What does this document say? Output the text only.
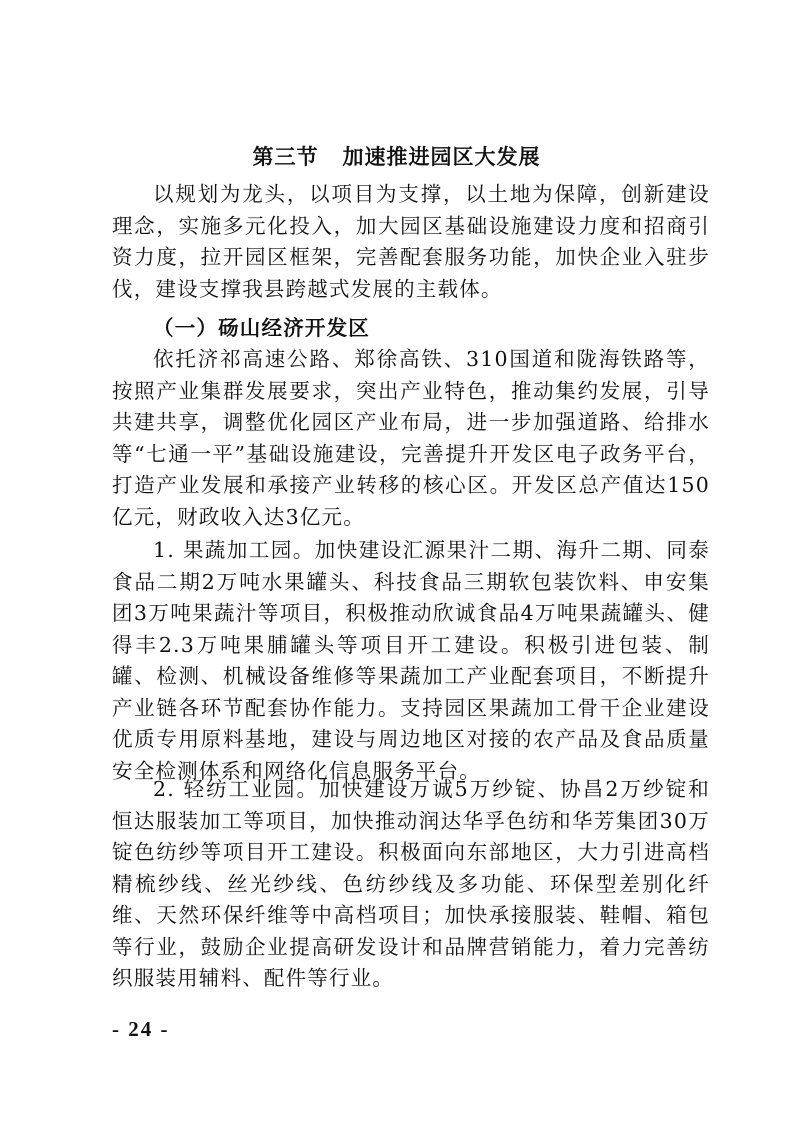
第三节 加速推进园区大发展

以规划为龙头，以项目为支撑，以土地为保障，创新建设理念，实施多元化投入，加大园区基础设施建设力度和招商引资力度，拉开园区框架，完善配套服务功能，加快企业入驻步伐，建设支撑我县跨越式发展的主载体。

（一）砀山经济开发区

依托济祁高速公路、郑徐高铁、310国道和陇海铁路等，按照产业集群发展要求，突出产业特色，推动集约发展，引导共建共享，调整优化园区产业布局，进一步加强道路、给排水等“七通一平”基础设施建设，完善提升开发区电子政务平台，打造产业发展和承接产业转移的核心区。开发区总产值达150亿元，财政收入达3亿元。

1. 果蔬加工园。加快建设汇源果汁二期、海升二期、同泰食品二期2万吨水果罐头、科技食品三期软包装饮料、申安集团3万吨果蔬汁等项目，积极推动欣诚食品4万吨果蔬罐头、健得丰2.3万吨果脯罐头等项目开工建设。积极引进包装、制罐、检测、机械设备维修等果蔬加工产业配套项目，不断提升产业链各环节配套协作能力。支持园区果蔬加工骨干企业建设优质专用原料基地，建设与周边地区对接的农产品及食品质量安全检测体系和网络化信息服务平台。

2. 轻纺工业园。加快建设万诚5万纱锭、协昌2万纱锭和恒达服装加工等项目，加快推动润达华孚色纺和华芳集团30万锭色纺纱等项目开工建设。积极面向东部地区，大力引进高档精梳纱线、丝光纱线、色纺纱线及多功能、环保型差别化纤维、天然环保纤维等中高档项目；加快承接服装、鞋帽、箱包等行业，鼓励企业提高研发设计和品牌营销能力，着力完善纺织服装用辅料、配件等行业。

- 24 -
